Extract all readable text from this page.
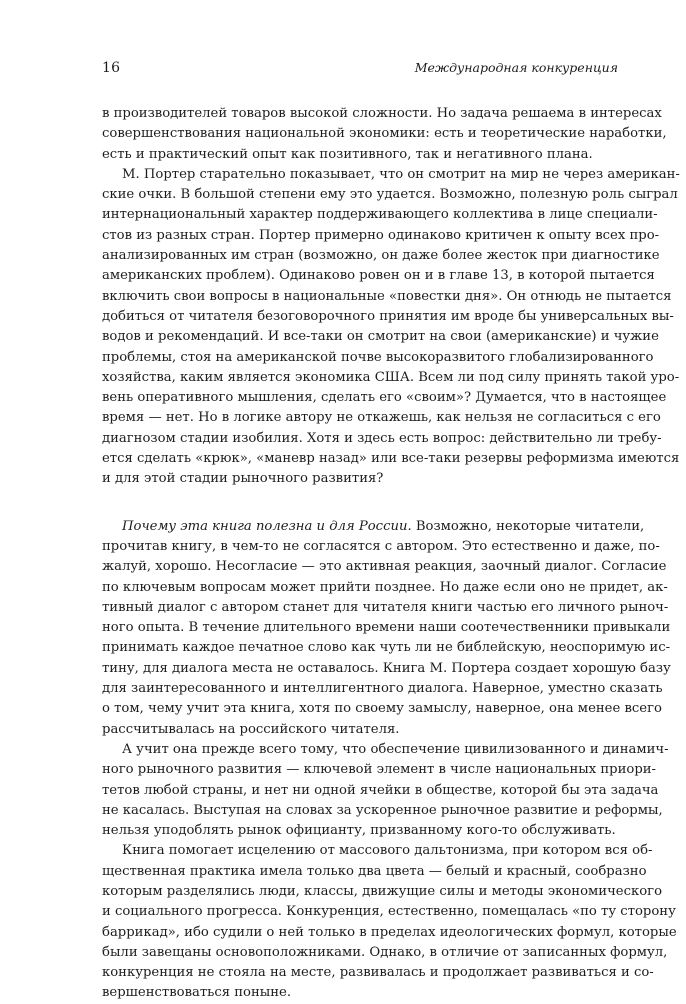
16	Международная конкуренция
в производителей товаров высокой сложности. Но задача решаема в интересах
совершенствования национальной экономики: есть и теоретические наработки,
есть и практический опыт как позитивного, так и негативного плана.
М. Портер старательно показывает, что он смотрит на мир не через американ-
ские очки. В большой степени ему это удается. Возможно, полезную роль сыграл
интернациональный характер поддерживающего коллектива в лице специали-
стов из разных стран. Портер примерно одинаково критичен к опыту всех про-
анализированных им стран (возможно, он даже более жесток при диагностике
американских проблем). Одинаково ровен он и в главе 13, в которой пытается
включить свои вопросы в национальные «повестки дня». Он отнюдь не пытается
добиться от читателя безоговорочного принятия им вроде бы универсальных вы-
водов и рекомендаций. И все-таки он смотрит на свои (американские) и чужие
проблемы, стоя на американской почве высокоразвитого глобализированного
хозяйства, каким является экономика США. Всем ли под силу принять такой уро-
вень оперативного мышления, сделать его «своим»? Думается, что в настоящее
время — нет. Но в логике автору не откажешь, как нельзя не согласиться с его
диагнозом стадии изобилия. Хотя и здесь есть вопрос: действительно ли требу-
ется сделать «крюк», «маневр назад» или все-таки резервы реформизма имеются
и для этой стадии рыночного развития?
Почему эта книга полезна и для России. Возможно, некоторые читатели,
прочитав книгу, в чем-то не согласятся с автором. Это естественно и даже, по-
жалуй, хорошо. Несогласие — это активная реакция, заочный диалог. Согласие
по ключевым вопросам может прийти позднее. Но даже если оно не придет, ак-
тивный диалог с автором станет для читателя книги частью его личного рыноч-
ного опыта. В течение длительного времени наши соотечественники привыкали
принимать каждое печатное слово как чуть ли не библейскую, неоспоримую ис-
тину, для диалога места не оставалось. Книга М. Портера создает хорошую базу
для заинтересованного и интеллигентного диалога. Наверное, уместно сказать
о том, чему учит эта книга, хотя по своему замыслу, наверное, она менее всего
рассчитывалась на российского читателя.
А учит она прежде всего тому, что обеспечение цивилизованного и динамич-
ного рыночного развития — ключевой элемент в числе национальных приори-
тетов любой страны, и нет ни одной ячейки в обществе, которой бы эта задача
не касалась. Выступая на словах за ускоренное рыночное развитие и реформы,
нельзя уподоблять рынок официанту, призванному кого-то обслуживать.
Книга помогает исцелению от массового дальтонизма, при котором вся об-
щественная практика имела только два цвета — белый и красный, сообразно
которым разделялись люди, классы, движущие силы и методы экономического
и социального прогресса. Конкуренция, естественно, помещалась «по ту сторону
баррикад», ибо судили о ней только в пределах идеологических формул, которые
были завещаны основоположниками. Однако, в отличие от записанных формул,
конкуренция не стояла на месте, развивалась и продолжает развиваться и со-
вершенствоваться поныне.
